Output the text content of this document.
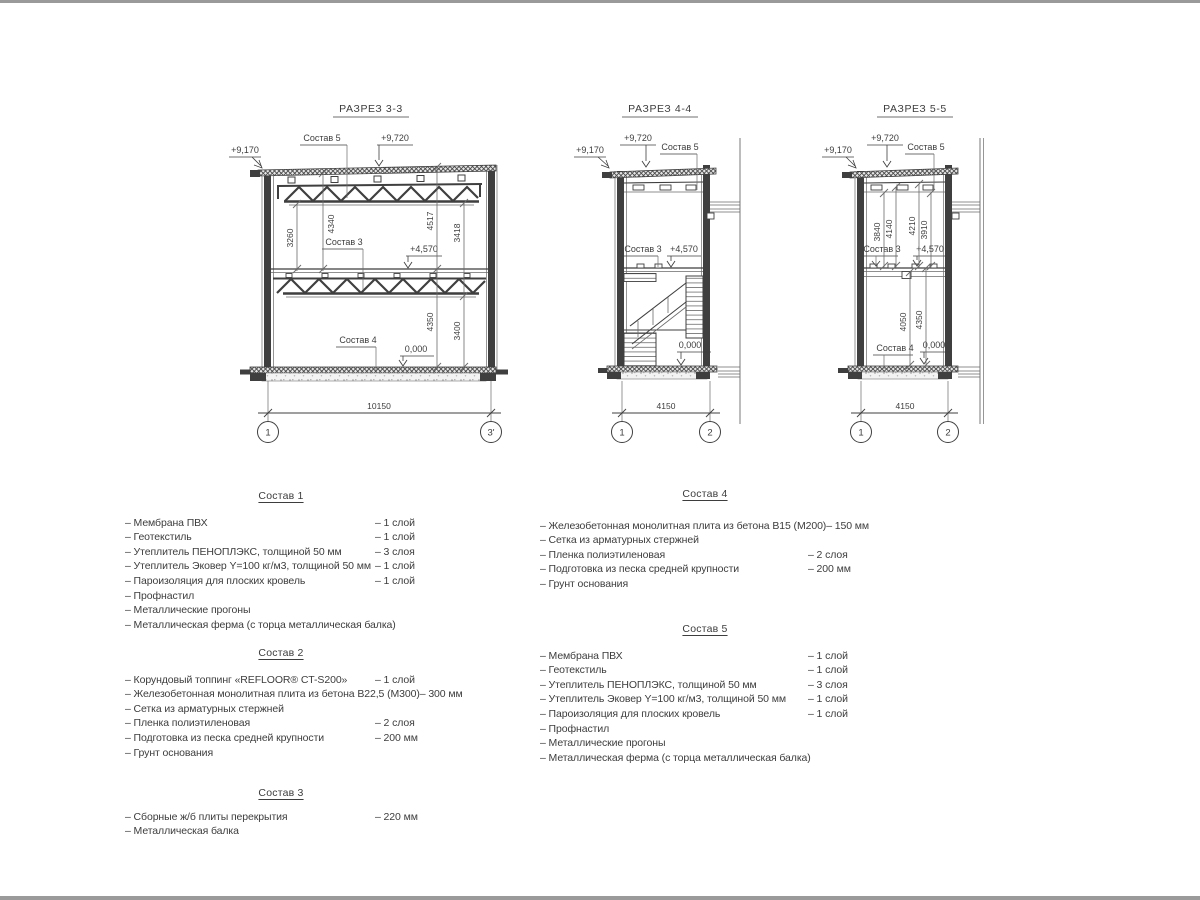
РАЗРЕЗ 3-3
+9,170
+9,720
+4,570
0,000
Состав 5
Состав 3
Состав 4
3260
4340	4517
4350
3418
3400
10150
1	3'
РАЗРЕЗ 4-4
+9,170
+9,720
+4,570
0,000
Состав 5
Состав 3
4150
1	2
РАЗРЕЗ 5-5
+9,170
+9,720
+4,570
0,000
Состав 5
Состав 3
Состав 4
3840 4140 4210 3910
4050 4350
4150
1	2
Состав 1
– Мембрана ПВХ	– 1 слой
– Геотекстиль	– 1 слой
– Утеплитель ПЕНОПЛЭКС, толщиной 50 мм	– 3 слоя
– Утеплитель Эковер Y=100 кг/м3, толщиной 50 мм – 1 слой
– Пароизоляция для плоских кровель	– 1 слой
– Профнастил
– Металлические прогоны
– Металлическая ферма (с торца металлическая балка)
Состав 2
– Корундовый топпинг «REFLOOR® CT-S200»	– 1 слой
– Железобетонная монолитная плита из бетона В22,5 (М300) – 300 мм
– Сетка из арматурных стержней
– Пленка полиэтиленовая	– 2 слоя
– Подготовка из песка средней крупности	– 200 мм
– Грунт основания
Состав 3
– Сборные ж/б плиты перекрытия	– 220 мм
– Металлическая балка
Состав 4
– Железобетонная монолитная плита из бетона В15 (М200) – 150 мм
– Сетка из арматурных стержней
– Пленка полиэтиленовая	– 2 слоя
– Подготовка из песка средней крупности	– 200 мм
– Грунт основания
Состав 5
– Мембрана ПВХ	– 1 слой
– Геотекстиль	– 1 слой
– Утеплитель ПЕНОПЛЭКС, толщиной 50 мм	– 3 слоя
– Утеплитель Эковер Y=100 кг/м3, толщиной 50 мм – 1 слой
– Пароизоляция для плоских кровель	– 1 слой
– Профнастил
– Металлические прогоны
– Металлическая ферма (с торца металлическая балка)
